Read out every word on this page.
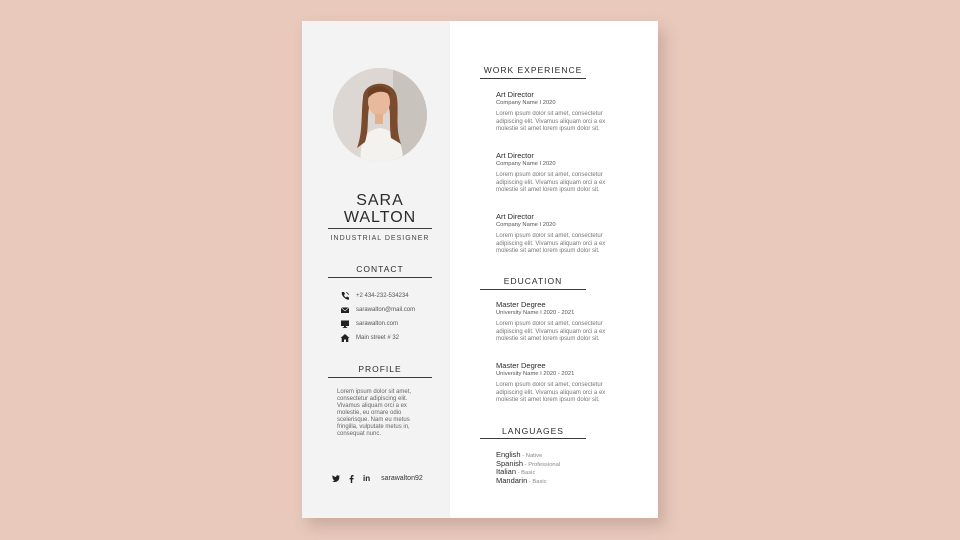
SARA
WALTON
INDUSTRIAL DESIGNER
CONTACT
+2 434-232-534234
sarawalton@mail.com
sarawalton.com
Main street # 32
PROFILE
Lorem ipsum dolor sit amet,
consectetur adipiscing elit.
Vivamus aliquam orci a ex
molestie, eu ornare odio
scelerisque. Nam eu metus
fringilla, vulputate metus in,
consequat nunc.
in sarawalton92
WORK EXPERIENCE
Art Director
Company Name I 2020
Lorem ipsum dolor sit amet, consectetur
adipiscing elit. Vivamus aliquam orci a ex
molestie sit amet lorem ipsum dolor sit.
Art Director
Company Name I 2020
Lorem ipsum dolor sit amet, consectetur
adipiscing elit. Vivamus aliquam orci a ex
molestie sit amet lorem ipsum dolor sit.
Art Director
Company Name I 2020
Lorem ipsum dolor sit amet, consectetur
adipiscing elit. Vivamus aliquam orci a ex
molestie sit amet lorem ipsum dolor sit.
EDUCATION
Master Degree
University Name I 2020 - 2021
Lorem ipsum dolor sit amet, consectetur
adipiscing elit. Vivamus aliquam orci a ex
molestie sit amet lorem ipsum dolor sit.
Master Degree
University Name I 2020 - 2021
Lorem ipsum dolor sit amet, consectetur
adipiscing elit. Vivamus aliquam orci a ex
molestie sit amet lorem ipsum dolor sit.
LANGUAGES
English - Native
Spanish - Professional
Italian - Basic
Mandarin - Basic
